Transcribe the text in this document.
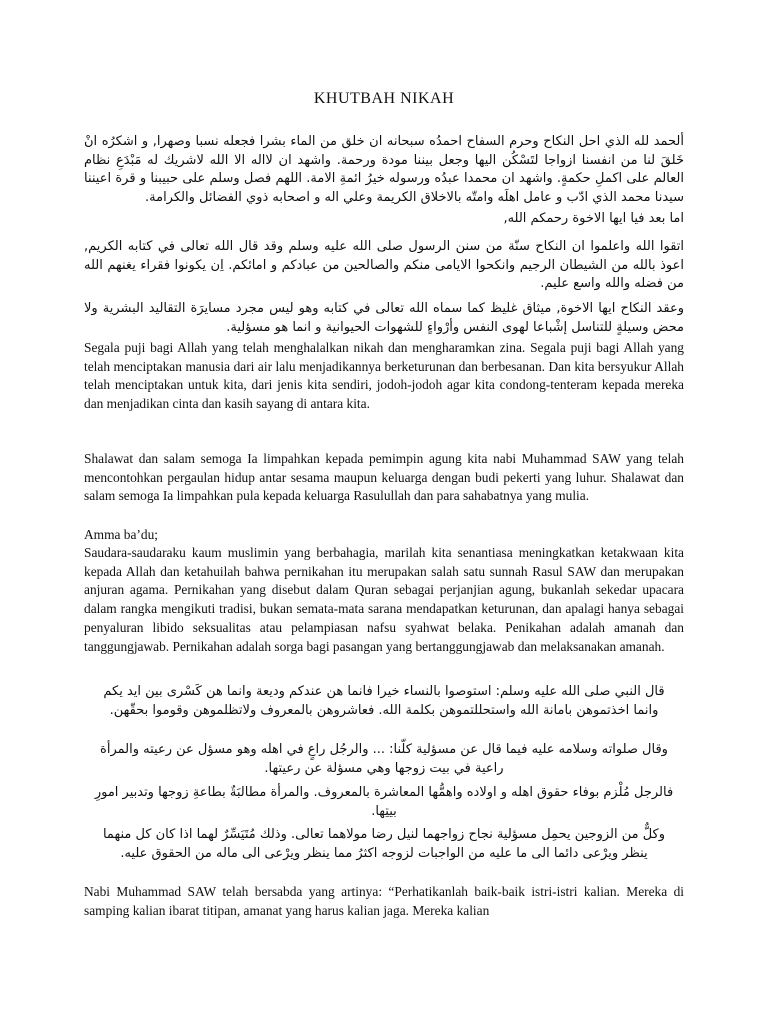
KHUTBAH NIKAH
ألحمد لله الذي احل النكاح وحرم السفاح احمدُه سبحانه ان خلق من الماء بشرا فجعله نسبا وصهرا, و اشكرُه انْ خَلقَ لنا من انفسنا ازواجا لتَسْكُن اليها وجعل بيننا مودة ورحمة. واشهد ان لااله الا الله لاشريك له مَبْدَعِ نظام العالم على اكملِ حكمةٍ. واشهد ان محمدا عبدُه ورسوله خيرُ ائمةِ الامة. اللهم فصل وسلم على حبيبنا و قرة اعيننا سيدنا محمد الذي ادّب و عامل اهلَه وامتّه بالاخلاق الكريمة وعلي اله و اصحابه ذوي الفضائل والكرامة.
اما بعد فيا ايها الاخوة رحمكم الله,
اتقوا الله واعلموا ان النكاح سنّة من سنن الرسول صلى الله عليه وسلم وقد قال الله تعالى في كتابه الكريم, اعوذ بالله من الشيطان الرجيم وانكحوا الايامى منكم والصالحين من عبادكم و امائكم. اِن يكونوا فقراء يغنهم الله من فضله والله واسع عليم.
وعقد النكاح ايها الاخوة, ميثاق غليظ كما سماه الله تعالى في كتابه وهو ليس مجرد مسايرَة التقاليد البشرية ولا محض وسيلةٍ للتناسل إشْباعا لهوى النفس وأرْواءٍ للشهوات الحيوانية و انما هو مسؤلية.
Segala puji bagi Allah yang telah menghalalkan nikah dan mengharamkan zina. Segala puji bagi Allah yang telah menciptakan manusia dari air lalu menjadikannya berketurunan dan berbesanan. Dan kita bersyukur Allah telah menciptakan untuk kita, dari jenis kita sendiri, jodoh-jodoh agar kita condong-tenteram kepada mereka dan menjadikan cinta dan kasih sayang di antara kita.
Shalawat dan salam semoga Ia limpahkan kepada pemimpin agung kita nabi Muhammad SAW yang telah mencontohkan pergaulan hidup antar sesama maupun keluarga dengan budi pekerti yang luhur. Shalawat dan salam semoga Ia limpahkan pula kepada keluarga Rasulullah dan para sahabatnya yang mulia.
Amma ba’du;
Saudara-saudaraku kaum muslimin yang berbahagia, marilah kita senantiasa meningkatkan ketakwaan kita kepada Allah dan ketahuilah bahwa pernikahan itu merupakan salah satu sunnah Rasul SAW dan merupakan anjuran agama. Pernikahan yang disebut dalam Quran sebagai perjanjian agung, bukanlah sekedar upacara dalam rangka mengikuti tradisi, bukan semata-mata sarana mendapatkan keturunan, dan apalagi hanya sebagai penyaluran libido seksualitas atau pelampiasan nafsu syahwat belaka. Penikahan adalah amanah dan tanggungjawab. Pernikahan adalah sorga bagi pasangan yang bertanggungjawab dan melaksanakan amanah.
قال النبي صلى الله عليه وسلم: استوصوا بالنساء خيرا فانما هن عندكم وديعة وانما هن كَسْرى بين ايد يكم وانما اخذتموهن بامانة الله واستحللتموهن بكلمة الله. فعاشروهن بالمعروف ولاتظلموهن وقوموا بحقّهن.
وقال صلواته وسلامه عليه فيما قال عن مسؤلية كلّنا: ... والرجُل راعٍ في اهله وهو مسؤل عن رعيته والمرأة راعية في بيت زوجها وهي مسؤلة عن رعيتها.
فالرجل مُلْزم بوفاء حقوق اهله و اولاده واهمُّها المعاشرة بالمعروف. والمرأة مطالبَةٌ بطاعةِ زوجها وتدبير امورِ بيتِها.
وكلٌّ من الزوجين يحمِل مسؤلية نجاح زواجهما لنيل رضا مولاهما تعالى. وذلك مُتَيَسِّرٌ لهما اذا كان كل منهما ينظر ويرْعى دائما الى ما عليه من الواجبات لزوجه اكثرُ مما ينظر ويرْعى الى ماله من الحقوق عليه.
Nabi Muhammad SAW telah bersabda yang artinya: “Perhatikanlah baik-baik istri-istri kalian. Mereka di samping kalian ibarat titipan, amanat yang harus kalian jaga. Mereka kalian
